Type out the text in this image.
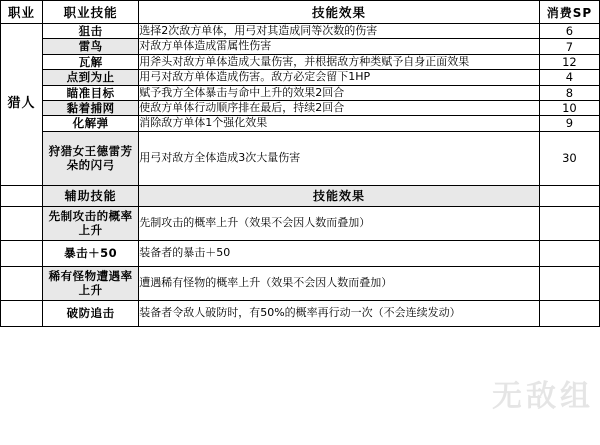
职业	职业技能	技能效果	消费SP
猎人	狙击	选择2次敌方单体，用弓对其造成同等次数的伤害	6
	雷鸟	对敌方单体造成雷属性伤害	7
	瓦解	用斧头对敌方单体造成大量伤害，并根据敌方种类赋予自身正面效果	12
	点到为止	用弓对敌方单体造成伤害。敌方必定会留下1HP	4
	瞄准目标	赋予我方全体暴击与命中上升的效果2回合	8
	黏着捕网	使敌方单体行动顺序排在最后，持续2回合	10
	化解弹	消除敌方单体1个强化效果	9
	狩猎女王德雷芳朵的闪弓	用弓对敌方全体造成3次大量伤害	30
	辅助技能	技能效果	
	先制攻击的概率上升	先制攻击的概率上升（效果不会因人数而叠加）	
	暴击＋50	装备者的暴击＋50	
	稀有怪物遭遇率上升	遭遇稀有怪物的概率上升（效果不会因人数而叠加）	
	破防追击	装备者令敌人破防时，有50%的概率再行动一次（不会连续发动）	
无敌组
